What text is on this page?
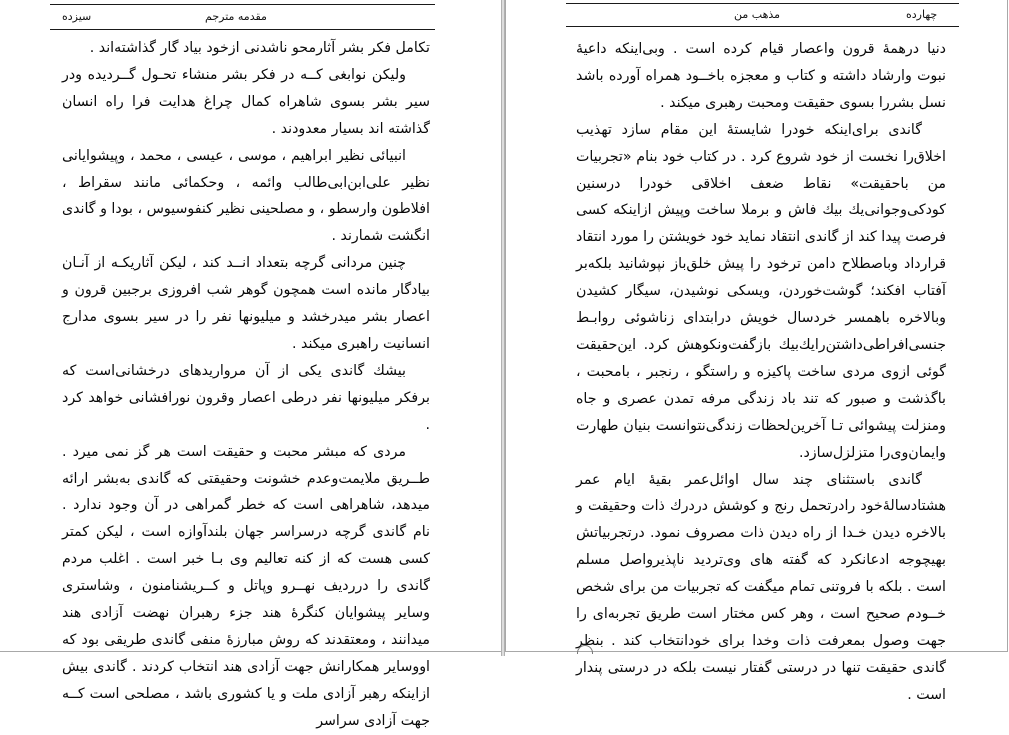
مقدمه مترجم
سیزده

تکامل فکر بشر آثارمحو ناشدنی ازخود بیاد گار گذاشته‌اند .

ولیکن نوابغی کــه در فکر بشر منشاء تحـول گــردیده ودر سیر بشر بسوی شاهراه کمال چراغ هدایت فرا راه انسان گذاشته اند بسیار معدودند .

انبیائی نظیر ابراهیم ، موسی ، عیسی ، محمد ، وپیشوایانی نظیر علی‌ابن‌ابی‌طالب وائمه ، وحکمائی مانند سقراط ، افلاطون وارسطو ، و مصلحینی نظیر کنفوسیوس ، بودا و گاندی انگشت شمارند .

چنین مردانی گرچه بتعداد انــد کند ، لیکن آثاریکـه از آنـان بیادگار مانده است همچون گوهر شب افروزی برجبین قرون و اعصار بشر میدرخشد و میلیونها نفر را در سیر بسوی مدارج انسانیت راهبری میکند .

بیشك گاندی یکی از آن مرواریدهای درخشانی‌است که برفکر میلیونها نفر درطی اعصار وقرون نورافشانی خواهد کرد .

مردی که مبشر محبت و حقیقت است هر گز نمی میرد . طــریق ملایمت‌وعدم خشونت وحقیقتی که گاندی به‌بشر ارائه میدهد، شاهراهی است که خطر گمراهی در آن وجود ندارد . نام گاندی گرچه درسراسر جهان بلندآوازه است ، لیکن کمتر کسی هست که از کنه تعالیم وی بـا خبر است . اغلب مردم گاندی را درردیف نهــرو وپاتل و کــریشنامنون ، وشاستری وسایر پیشوایان کنگرهٔ هند جزء رهبران نهضت آزادی هند میدانند ، ومعتقدند که روش مبارزهٔ منفی گاندی طریقی بود که اووسایر همکارانش جهت آزادی هند انتخاب کردند . گاندی بیش ازاینکه رهبر آزادی ملت و یا کشوری باشد ، مصلحی است کــه جهت آزادی سراسر

مذهب من	چهارده

دنیا درهمهٔ قرون واعصار قیام کرده است . وبی‌اینکه داعیهٔ نبوت وارشاد داشته و کتاب و معجزه باخــود همراه آورده باشد نسل بشررا بسوی حقیقت ومحبت رهبری میکند .

گاندی برای‌اینکه خودرا شایستهٔ این مقام سازد تهذیب اخلاق‌را نخست از خود شروع کرد . در کتاب خود بنام «تجربیات من باحقیقت» نقاط ضعف اخلاقی خودرا درسنین کودکی‌وجوانی‌یك بیك فاش و برملا ساخت وپیش ازاینکه کسی فرصت پیدا کند از گاندی انتقاد نماید خود خویشتن را مورد انتقاد قرارداد وباصطلاح دامن ترخود را پیش خلق‌باز نپوشانید بلکه‌بر آفتاب افکند؛ گوشت‌خوردن، ویسکی نوشیدن، سیگار کشیدن وبالاخره باهمسر خردسال خویش درابتدای زناشوئی روابـط جنسی‌افراطی‌داشتن‌رایك‌بیك بازگفت‌ونکوهش کرد. این‌حقیقت گوئی ازوی مردی ساخت پاکیزه و راستگو ، رنجبر ، بامحبت ، باگذشت و صبور که تند باد زندگی مرفه تمدن عصری و جاه ومنزلت پیشوائی تـا آخرین‌لحظات زندگی‌نتوانست بنیان طهارت وایمان‌وی‌را متزلزل‌سازد.

گاندی باستثنای چند سال اوائل‌عمر بقیهٔ ایام عمر هشتادسالهٔ‌خود رادرتحمل رنج و کوشش دردرك ذات وحقیقت و بالاخره دیدن خـدا از راه دیدن ذات مصروف نمود. درتجربیاتش بهیچوجه ادعانکرد که گفته های وی‌تردید ناپذیرواصل مسلم است . بلکه با فروتنی تمام میگفت که تجربیات من برای شخص خــودم صحیح است ، وهر کس مختار است طریق تجربه‌ای را جهت وصول بمعرفت ذات وخدا برای خودانتخاب کند . بنظر گاندی حقیقت تنها در درستی گفتار نیست بلکه در درستی پندار است .
